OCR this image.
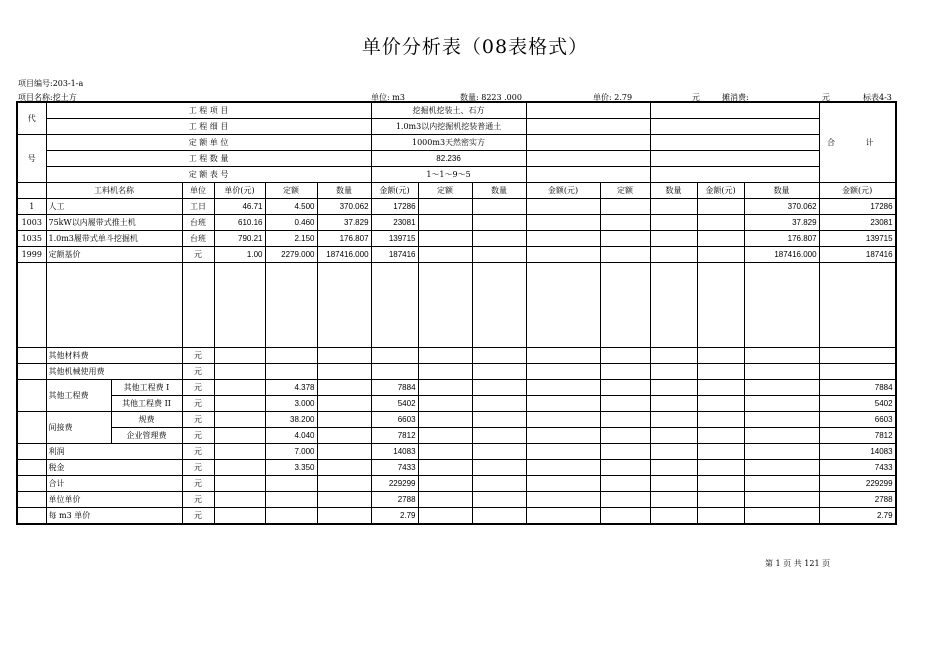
单价分析表（08表格式）
项目编号:203-1-a
项目名称:挖土方	单位: m3	数量: 8223 .000	单价: 2.79	元	摊消费:	元	标表4-3
代	工 程 项 目						挖掘机挖装土、石方								合 计
	工 程 细 目						1.0m3以内挖掘机挖装普通土								
号	定 额 单 位						1000m3天然密实方								
	工 程 数 量						82.236								
	定 额 表 号						1～1～9～5								
	工料机名称		单位	单价(元)	定额	数量	金额(元)	定额	数量	金额(元)	定额	数量	金额(元)	数量	金额(元)
1	人工		工日	46.71	4.500	370.062	17286							370.062	17286
1003	75kW以内履带式推土机		台班	610.16	0.460	37.829	23081							37.829	23081
1035	1.0m3履带式单斗挖掘机		台班	790.21	2.150	176.807	139715							176.807	139715
1999	定额基价		元	1.00	2279.000	187416.000	187416							187416.000	187416

	其他材料费		元												
	其他机械使用费		元												
	其他工程费	其他工程费 I	元		4.378		7884								7884
		其他工程费 II	元		3.000		5402								5402
	间接费	规费	元		38.200		6603								6603
		企业管理费	元		4.040		7812								7812
	利润		元		7.000		14083								14083
	税金		元		3.350		7433								7433
	合计		元				229299								229299
	单位单价		元				2788								2788
	每 m3 单价		元				2.79								2.79
第 1 页 共 121 页
